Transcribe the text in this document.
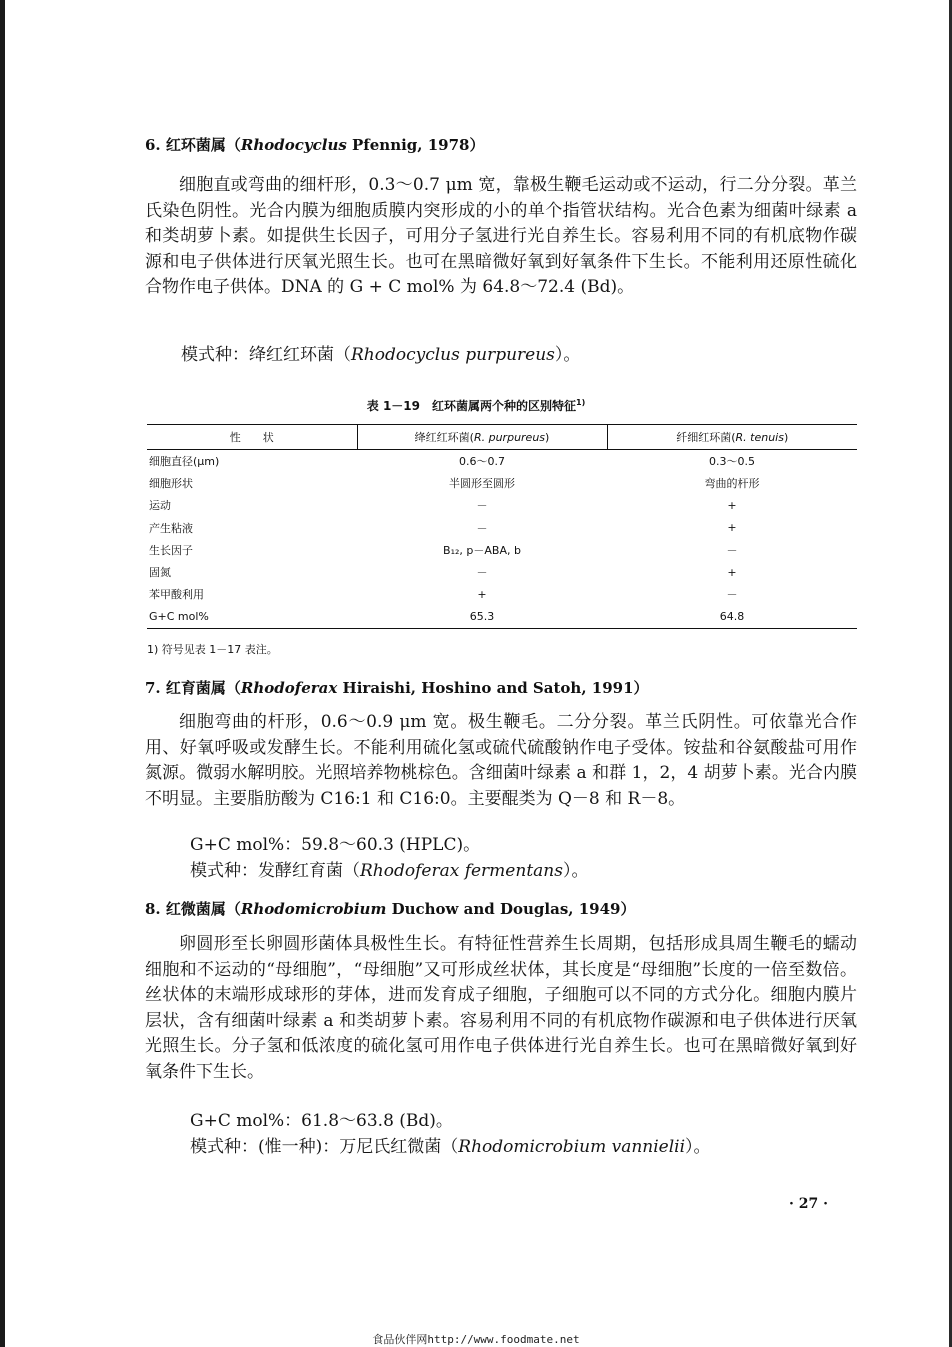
6. 红环菌属（Rhodocyclus Pfennig, 1978）

细胞直或弯曲的细杆形，0.3～0.7 μm 宽，靠极生鞭毛运动或不运动，行二分分裂。革兰氏染色阴性。光合内膜为细胞质膜内突形成的小的单个指管状结构。光合色素为细菌叶绿素 a 和类胡萝卜素。如提供生长因子，可用分子氢进行光自养生长。容易利用不同的有机底物作碳源和电子供体进行厌氧光照生长。也可在黑暗微好氧到好氧条件下生长。不能利用还原性硫化合物作电子供体。DNA 的 G + C mol% 为 64.8～72.4 (Bd)。

模式种：绛红红环菌（Rhodocyclus purpureus）。
表 1－19　红环菌属两个种的区别特征$^{1)}$
性　　状	绛红红环菌(R. purpureus)	纤细红环菌(R. tenuis)
细胞直径(μm)	0.6～0.7	0.3～0.5
细胞形状	半圆形至圆形	弯曲的杆形
运动	－	+
产生粘液	－	+
生长因子	B₁₂, p－ABA, b	－
固氮	－	+
苯甲酸利用	+	－
G+C mol%	65.3	64.8
1) 符号见表 1－17 表注。
7. 红育菌属（Rhodoferax Hiraishi, Hoshino and Satoh, 1991）

细胞弯曲的杆形，0.6～0.9 μm 宽。极生鞭毛。二分分裂。革兰氏阴性。可依靠光合作用、好氧呼吸或发酵生长。不能利用硫化氢或硫代硫酸钠作电子受体。铵盐和谷氨酸盐可用作氮源。微弱水解明胶。光照培养物桃棕色。含细菌叶绿素 a 和群 1，2，4 胡萝卜素。光合内膜不明显。主要脂肪酸为 C16:1 和 C16:0。主要醌类为 Q－8 和 R－8。

G+C mol%：59.8～60.3 (HPLC)。
模式种：发酵红育菌（Rhodoferax fermentans）。
8. 红微菌属（Rhodomicrobium Duchow and Douglas, 1949）

卵圆形至长卵圆形菌体具极性生长。有特征性营养生长周期，包括形成具周生鞭毛的蠕动细胞和不运动的“母细胞”，“母细胞”又可形成丝状体，其长度是“母细胞”长度的一倍至数倍。丝状体的末端形成球形的芽体，进而发育成子细胞，子细胞可以不同的方式分化。细胞内膜片层状，含有细菌叶绿素 a 和类胡萝卜素。容易利用不同的有机底物作碳源和电子供体进行厌氧光照生长。分子氢和低浓度的硫化氢可用作电子供体进行光自养生长。也可在黑暗微好氧到好氧条件下生长。

G+C mol%：61.8～63.8 (Bd)。
模式种：(惟一种)：万尼氏红微菌（Rhodomicrobium vannielii）。
· 27 ·
食品伙伴网http://www.foodmate.net
